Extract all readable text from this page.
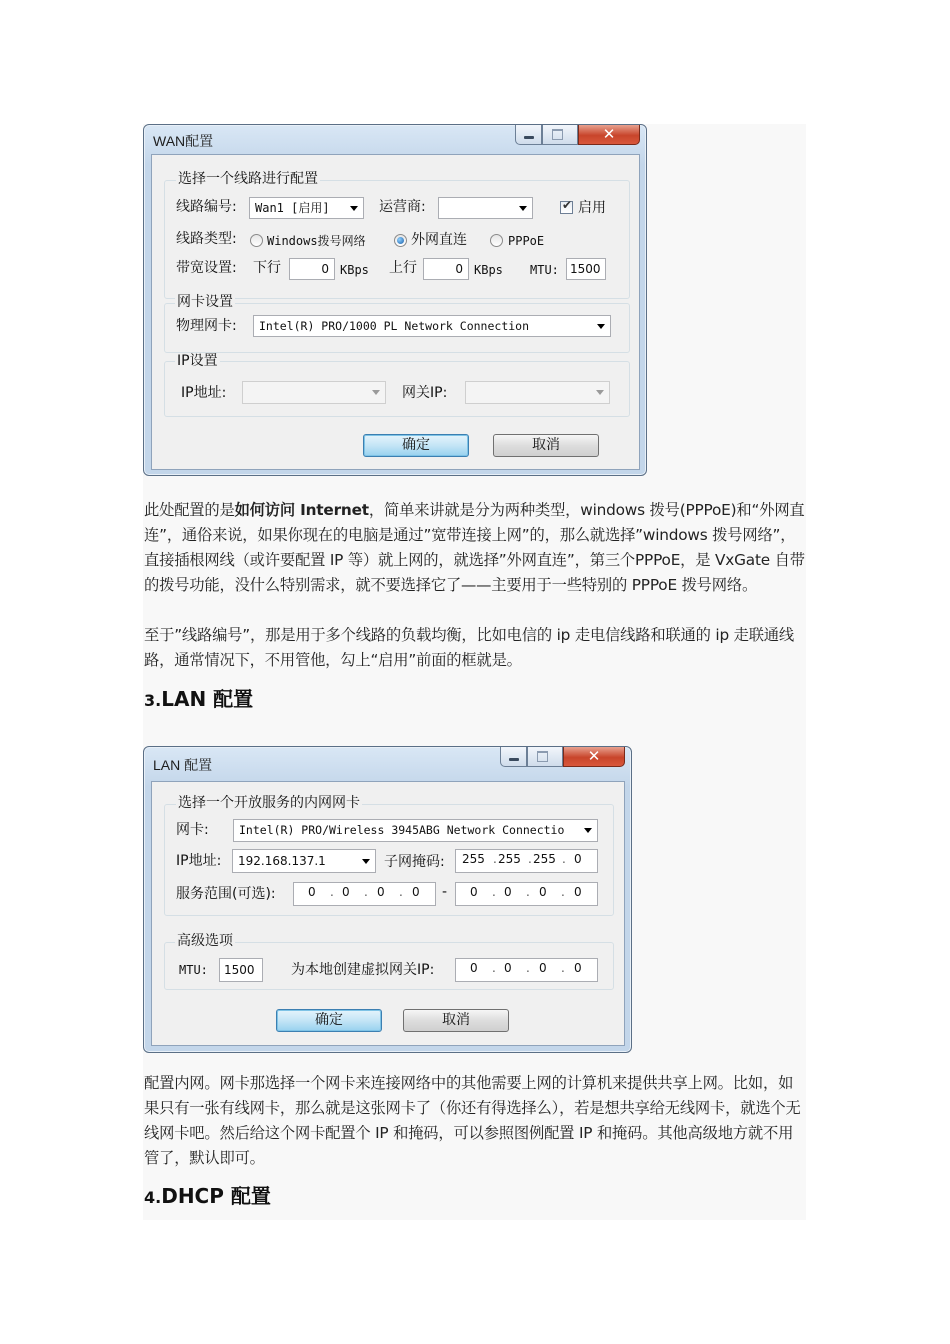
WAN配置	✕
选择一个线路进行配置
线路编号: Wan1 [启用]	运营商:	✔ 启用
线路类型:	Windows拨号网络	外网直连	PPPoE
带宽设置: 下行	0 KBps 上行	0 KBps MTU: 1500
网卡设置
物理网卡: Intel(R) PRO/1000 PL Network Connection
IP设置
IP地址:	网关IP:
确定	取消

此处配置的是如何访问 Internet，简单来讲就是分为两种类型，windows 拨号(PPPoE)和“外网直连”，通俗来说，如果你现在的电脑是通过”宽带连接上网”的，那么就选择”windows 拨号网络”，直接插根网线（或许要配置 IP 等）就上网的，就选择”外网直连”，第三个PPPoE，是 VxGate 自带的拨号功能，没什么特别需求，就不要选择它了——主要用于一些特别的 PPPoE 拨号网络。

至于”线路编号”，那是用于多个线路的负载均衡，比如电信的 ip 走电信线路和联通的 ip 走联通线路，通常情况下，不用管他，勾上“启用”前面的框就是。

3.LAN 配置
LAN 配置	✕
选择一个开放服务的内网网卡
网卡:	Intel(R) PRO/Wireless 3945ABG Network Connectio
IP地址: 192.168.137.1	子网掩码: 255 . 255 . 255 . 0
服务范围(可选):	0 . 0 . 0 . 0 - 0 . 0 . 0 . 0
高级选项
MTU:	1500	为本地创建虚拟网关IP:	0 . 0 . 0 . 0
确定	取消

配置内网。网卡那选择一个网卡来连接网络中的其他需要上网的计算机来提供共享上网。比如，如果只有一张有线网卡，那么就是这张网卡了（你还有得选择么），若是想共享给无线网卡，就选个无线网卡吧。然后给这个网卡配置个 IP 和掩码，可以参照图例配置 IP 和掩码。其他高级地方就不用管了，默认即可。

4.DHCP 配置
